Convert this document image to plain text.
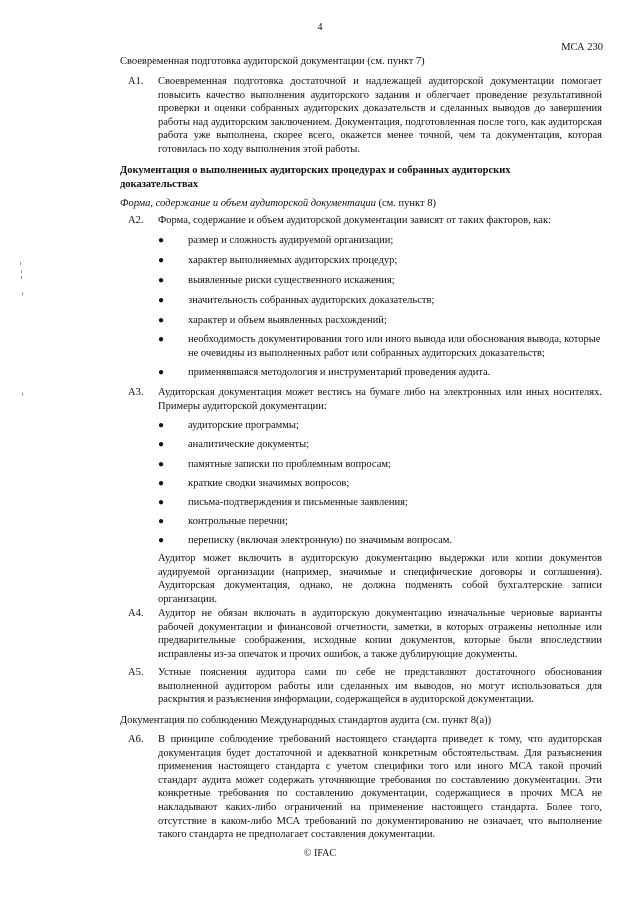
4
МСА 230
Своевременная подготовка аудиторской документации (см. пункт 7)
A1. Своевременная подготовка достаточной и надлежащей аудиторской документации помогает повысить качество выполнения аудиторского задания и облегчает проведение результативной проверки и оценки собранных аудиторских доказательств и сделанных выводов до завершения работы над аудиторским заключением. Документация, подготовленная после того, как аудиторская работа уже выполнена, скорее всего, окажется менее точной, чем та документация, которая готовилась по ходу выполнения этой работы.
Документация о выполненных аудиторских процедурах и собранных аудиторских доказательствах
Форма, содержание и объем аудиторской документации (см. пункт 8)
A2. Форма, содержание и объем аудиторской документации зависят от таких факторов, как:
●	размер и сложность аудируемой организации;
●	характер выполняемых аудиторских процедур;
●	выявленные риски существенного искажения;
●	значительность собранных аудиторских доказательств;
●	характер и объем выявленных расхождений;
●	необходимость документирования того или иного вывода или обоснования вывода, которые не очевидны из выполненных работ или собранных аудиторских доказательств;
●	применявшаяся методология и инструментарий проведения аудита.
A3. Аудиторская документация может вестись на бумаге либо на электронных или иных носителях. Примеры аудиторской документации:
●	аудиторские программы;
●	аналитические документы;
●	памятные записки по проблемным вопросам;
●	краткие сводки значимых вопросов;
●	письма-подтверждения и письменные заявления;
●	контрольные перечни;
●	переписку (включая электронную) по значимым вопросам.
Аудитор может включить в аудиторскую документацию выдержки или копии документов аудируемой организации (например, значимые и специфические договоры и соглашения). Аудиторская документация, однако, не должна подменять собой бухгалтерские записи организации.
A4. Аудитор не обязан включать в аудиторскую документацию изначальные черновые варианты рабочей документации и финансовой отчетности, заметки, в которых отражены неполные или предварительные соображения, исходные копии документов, которые были впоследствии исправлены из-за опечаток и прочих ошибок, а также дублирующие документы.
A5. Устные пояснения аудитора сами по себе не представляют достаточного обоснования выполненной аудитором работы или сделанных им выводов, но могут использоваться для раскрытия и разъяснения информации, содержащейся в аудиторской документации.
Документация по соблюдению Международных стандартов аудита (см. пункт 8(а))
A6. В принципе соблюдение требований настоящего стандарта приведет к тому, что аудиторская документация будет достаточной и адекватной конкретным обстоятельствам. Для разъяснения применения настоящего стандарта с учетом специфики того или иного МСА такой прочий стандарт аудита может содержать уточняющие требования по составлению документации. Эти конкретные требования по составлению документации, содержащиеся в прочих МСА не накладывают каких-либо ограничений на применение настоящего стандарта. Более того, отсутствие в каком-либо МСА требований по документированию не означает, что выполнение такого стандарта не предполагает составления документации.
© IFAC
